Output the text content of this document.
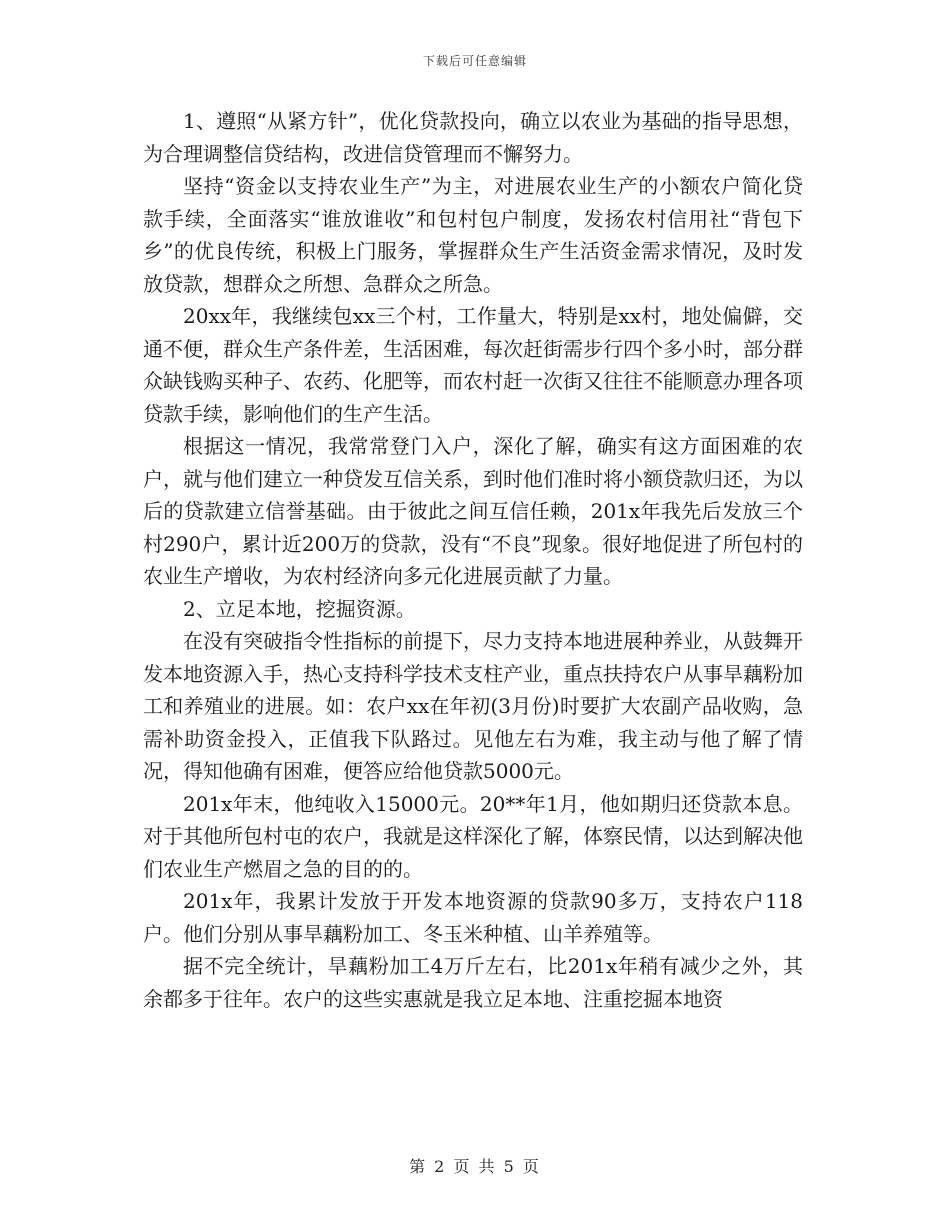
下载后可任意编辑

1、遵照“从紧方针”，优化贷款投向，确立以农业为基础的指导思想，为合理调整信贷结构，改进信贷管理而不懈努力。

坚持“资金以支持农业生产”为主，对进展农业生产的小额农户简化贷款手续，全面落实“谁放谁收”和包村包户制度，发扬农村信用社“背包下乡”的优良传统，积极上门服务，掌握群众生产生活资金需求情况，及时发放贷款，想群众之所想、急群众之所急。

20xx年，我继续包xx三个村，工作量大，特别是xx村，地处偏僻，交通不便，群众生产条件差，生活困难，每次赶街需步行四个多小时，部分群众缺钱购买种子、农药、化肥等，而农村赶一次街又往往不能顺意办理各项贷款手续，影响他们的生产生活。

根据这一情况，我常常登门入户，深化了解，确实有这方面困难的农户，就与他们建立一种贷发互信关系，到时他们准时将小额贷款归还，为以后的贷款建立信誉基础。由于彼此之间互信任赖，201x年我先后发放三个村290户，累计近200万的贷款，没有“不良”现象。很好地促进了所包村的农业生产增收，为农村经济向多元化进展贡献了力量。

2、立足本地，挖掘资源。

在没有突破指令性指标的前提下，尽力支持本地进展种养业，从鼓舞开发本地资源入手，热心支持科学技术支柱产业，重点扶持农户从事旱藕粉加工和养殖业的进展。如：农户xx在年初(3月份)时要扩大农副产品收购，急需补助资金投入，正值我下队路过。见他左右为难，我主动与他了解了情况，得知他确有困难，便答应给他贷款5000元。

201x年末，他纯收入15000元。20**年1月，他如期归还贷款本息。对于其他所包村屯的农户，我就是这样深化了解，体察民情，以达到解决他们农业生产燃眉之急的目的的。

201x年，我累计发放于开发本地资源的贷款90多万，支持农户118户。他们分别从事旱藕粉加工、冬玉米种植、山羊养殖等。

据不完全统计，旱藕粉加工4万斤左右，比201x年稍有减少之外，其余都多于往年。农户的这些实惠就是我立足本地、注重挖掘本地资

第 2 页 共 5 页
